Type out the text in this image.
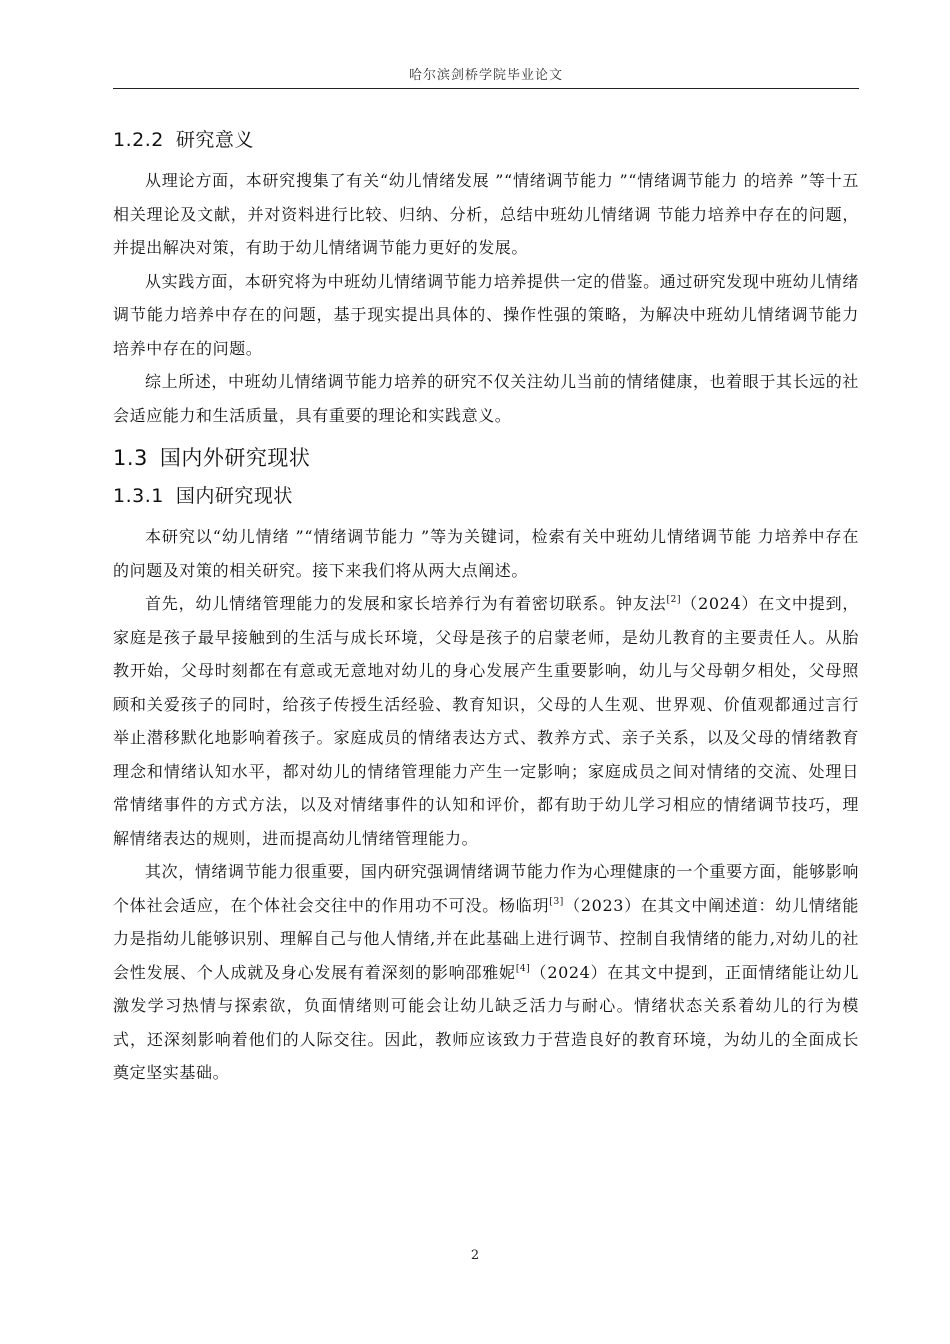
哈尔滨剑桥学院毕业论文
1.2.2 研究意义

从理论方面，本研究搜集了有关“幼儿情绪发展 ”“情绪调节能力 ”“情绪调节能力 的培养 ”等十五相关理论及文献，并对资料进行比较、归纳、分析，总结中班幼儿情绪调 节能力培养中存在的问题，并提出解决对策，有助于幼儿情绪调节能力更好的发展。

从实践方面，本研究将为中班幼儿情绪调节能力培养提供一定的借鉴。通过研究发现中班幼儿情绪调节能力培养中存在的问题，基于现实提出具体的、操作性强的策略，为解决中班幼儿情绪调节能力培养中存在的问题。

综上所述，中班幼儿情绪调节能力培养的研究不仅关注幼儿当前的情绪健康，也着眼于其长远的社会适应能力和生活质量，具有重要的理论和实践意义。

1.3 国内外研究现状
1.3.1 国内研究现状

本研究以“幼儿情绪 ”“情绪调节能力 ”等为关键词，检索有关中班幼儿情绪调节能 力培养中存在的问题及对策的相关研究。接下来我们将从两大点阐述。

首先，幼儿情绪管理能力的发展和家长培养行为有着密切联系。钟友法[2]（2024）在文中提到，家庭是孩子最早接触到的生活与成长环境，父母是孩子的启蒙老师，是幼儿教育的主要责任人。从胎教开始，父母时刻都在有意或无意地对幼儿的身心发展产生重要影响，幼儿与父母朝夕相处，父母照顾和关爱孩子的同时，给孩子传授生活经验、教育知识，父母的人生观、世界观、价值观都通过言行举止潜移默化地影响着孩子。家庭成员的情绪表达方式、教养方式、亲子关系，以及父母的情绪教育理念和情绪认知水平，都对幼儿的情绪管理能力产生一定影响；家庭成员之间对情绪的交流、处理日常情绪事件的方式方法，以及对情绪事件的认知和评价，都有助于幼儿学习相应的情绪调节技巧，理解情绪表达的规则，进而提高幼儿情绪管理能力。

其次，情绪调节能力很重要，国内研究强调情绪调节能力作为心理健康的一个重要方面，能够影响个体社会适应，在个体社会交往中的作用功不可没。杨临玥[3]（2023）在其文中阐述道：幼儿情绪能力是指幼儿能够识别、理解自己与他人情绪,并在此基础上进行调节、控制自我情绪的能力,对幼儿的社会性发展、个人成就及身心发展有着深刻的影响邵雅妮[4]（2024）在其文中提到，正面情绪能让幼儿激发学习热情与探索欲，负面情绪则可能会让幼儿缺乏活力与耐心。情绪状态关系着幼儿的行为模式，还深刻影响着他们的人际交往。因此，教师应该致力于营造良好的教育环境，为幼儿的全面成长奠定坚实基础。

2
